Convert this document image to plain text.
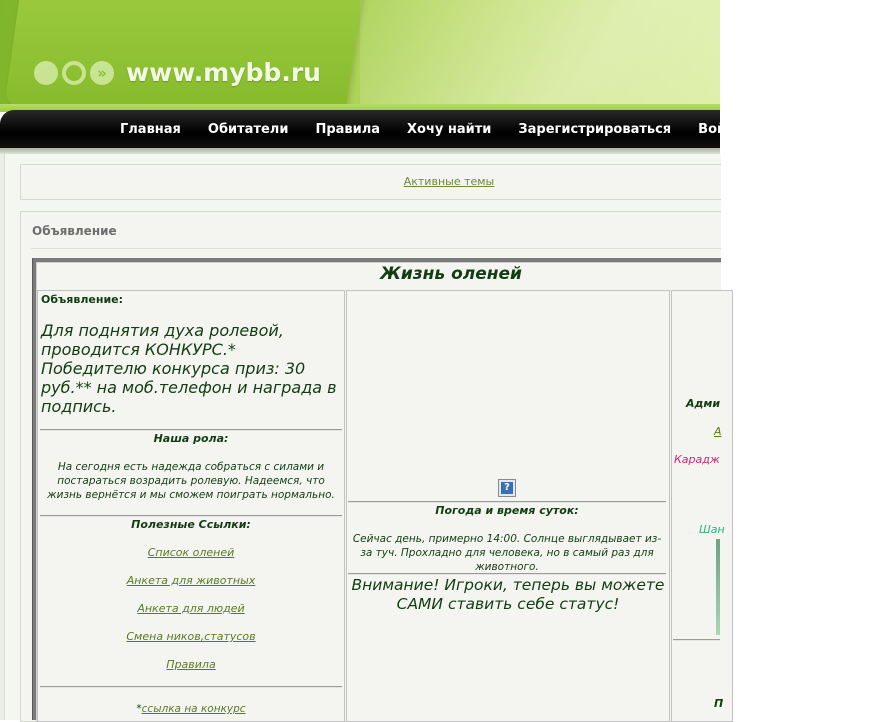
» www.mybb.ru
Главная Обитатели Правила Хочу найти Зарегистрироваться Войти
Активные темы
Объявление
Жизнь оленей
Объявление:
Для поднятия духа ролевой, проводится КОНКУРС.* Победителю конкурса приз: 30 руб.** на моб.телефон и награда в подпись.
Наша рола:
На сегодня есть надежда собраться с силами и постараться возрадить ролевую. Надеемся, что жизнь вернётся и мы сможем поиграть нормально.
Полезные Ссылки:
Список оленей
Анкета для животных
Анкета для людей
Смена ников,статусов
Правила
*ссылка на конкурс
?
Погода и время суток:
Сейчас день, примерно 14:00. Солнце выглядывает из-за туч. Прохладно для человека, но в самый раз для животного.
Внимание! Игроки, теперь вы можете САМИ ставить себе статус!
Адми
А
Карадж
Шан
П
